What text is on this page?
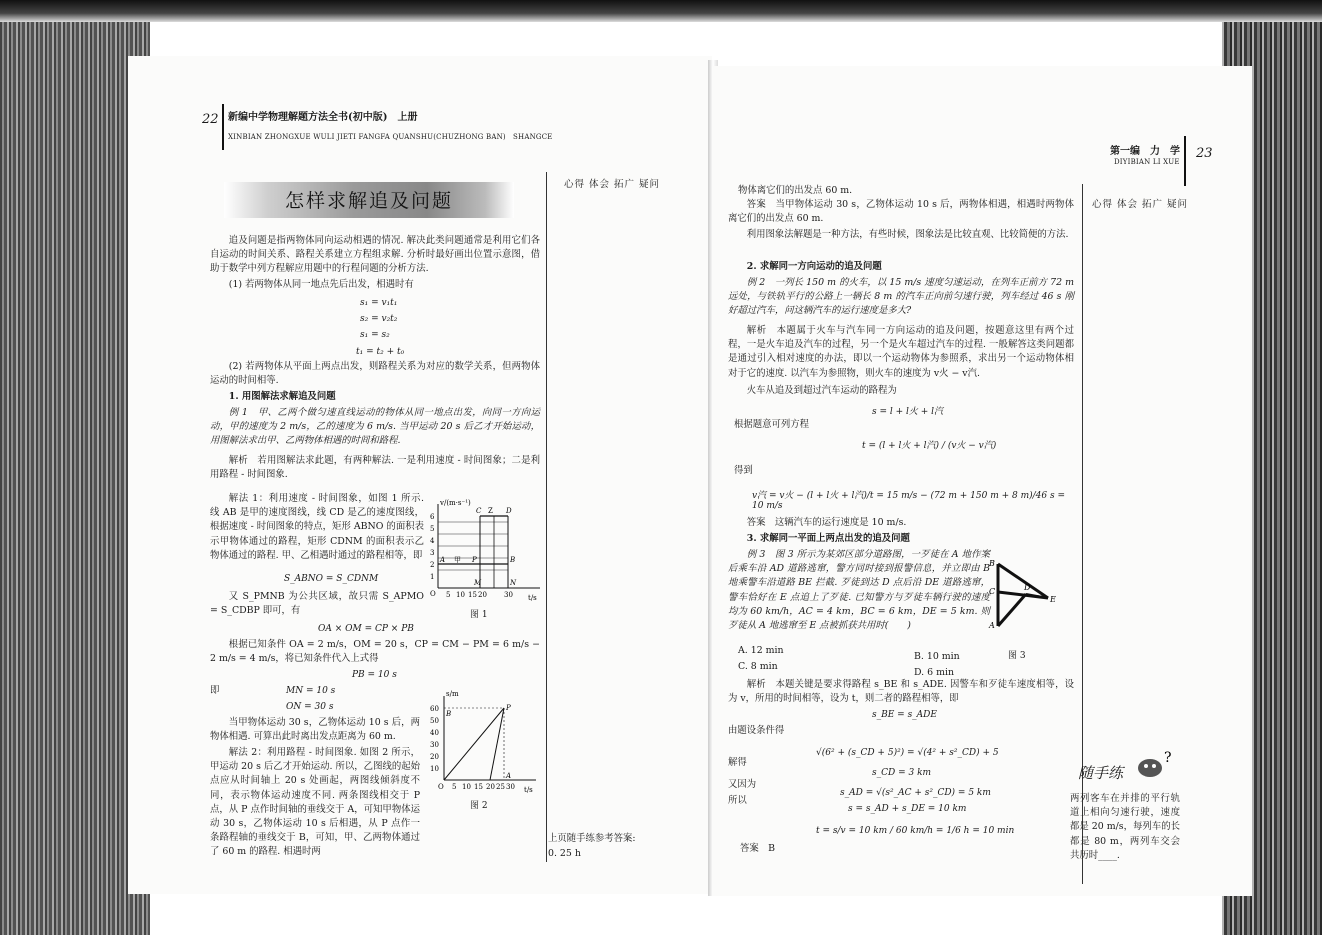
22 新编中学物理解题方法全书(初中版)　上册
XINBIAN ZHONGXUE WULI JIETI FANGFA QUANSHU(CHUZHONG BAN)　SHANGCE
心得 体会 拓广 疑问
怎样求解追及问题
追及问题是指两物体同向运动相遇的情况. 解决此类问题通常是利用它们各自运动的时间关系、路程关系建立方程组求解. 分析时最好画出位置示意图，借助于数学中列方程解应用题中的行程问题的分析方法.
(1) 若两物体从同一地点先后出发，相遇时有
s₁ = v₁t₁
s₂ = v₂t₂
s₁ = s₂
t₁ = t₂ + t₀
(2) 若两物体从平面上两点出发，则路程关系为对应的数学关系，但两物体运动的时间相等.
1. 用图解法求解追及问题
例 1　甲、乙两个做匀速直线运动的物体从同一地点出发，向同一方向运动，甲的速度为 2 m/s，乙的速度为 6 m/s. 当甲运动 20 s 后乙才开始运动，用图解法求出甲、乙两物体相遇的时间和路程.
解析　若用图解法求此题，有两种解法. 一是利用速度 - 时间图象；二是利用路程 - 时间图象.
解法 1：利用速度 - 时间图象，如图 1 所示. 线 AB 是甲的速度图线，线 CD 是乙的速度图线，根据速度 - 时间图象的特点，矩形 ABNO 的面积表示甲物体通过的路程，矩形 CDNM 的面积表示乙物体通过的路程. 甲、乙相遇时通过的路程相等，即
S_ABNO = S_CDNM
又 S_PMNB 为公共区域，故只需 S_APMO = S_CDBP 即可，有
v/(m·s⁻¹)
t/s
6
5
4
3
2
1
O 5 10 15 20 30
C Z D
A 甲	B
P
M	N
图 1
OA × OM = CP × PB
根据已知条件 OA = 2 m/s，OM = 20 s，CP = CM − PM = 6 m/s − 2 m/s = 4 m/s，将已知条件代入上式得
PB = 10 s
即	MN = 10 s
ON = 30 s
当甲物体运动 30 s，乙物体运动 10 s 后，两物体相遇. 可算出此时离出发点距离为 60 m.
解法 2：利用路程 - 时间图象. 如图 2 所示，甲运动 20 s 后乙才开始运动. 所以，乙图线的起始点应从时间轴上 20 s 处画起，两图线倾斜度不同，表示物体运动速度不同. 两条图线相交于 P 点，从 P 点作时间轴的垂线交于 A，可知甲物体运动 30 s，乙物体运动 10 s 后相遇，从 P 点作一条路程轴的垂线交于 B，可知，甲、乙两物体通过了 60 m 的路程. 相遇时两
s/m
t/s
60
50
40
30
20
10
O 5 10 15 20 25 30
B
P
A
图 2
上页随手练参考答案:
0. 25 h
第一编　力　学
DIYIBIAN LI XUE
23
心得 体会 拓广 疑问
物体离它们的出发点 60 m.
答案　当甲物体运动 30 s，乙物体运动 10 s 后，两物体相遇，相遇时两物体离它们的出发点 60 m.
利用图象法解题是一种方法，有些时候，图象法是比较直观、比较简便的方法.
2. 求解同一方向运动的追及问题
例 2　一列长 150 m 的火车，以 15 m/s 速度匀速运动，在列车正前方 72 m 远处，与铁轨平行的公路上一辆长 8 m 的汽车正向前匀速行驶，列车经过 46 s 刚好超过汽车，问这辆汽车的运行速度是多大?
解析　本题属于火车与汽车同一方向运动的追及问题，按题意这里有两个过程，一是火车追及汽车的过程，另一个是火车超过汽车的过程. 一般解答这类问题都是通过引入相对速度的办法，即以一个运动物体为参照系，求出另一个运动物体相对于它的速度. 以汽车为参照物，则火车的速度为 v火 − v汽.
火车从追及到超过汽车运动的路程为
s = l + l火 + l汽
根据题意可列方程
t = (l + l火 + l汽) / (v火 − v汽)
得到
v汽 = v火 − (l + l火 + l汽)/t = 15 m/s − (72 m + 150 m + 8 m)/46 s = 10 m/s
答案　这辆汽车的运行速度是 10 m/s.
3. 求解同一平面上两点出发的追及问题
例 3　图 3 所示为某郊区部分道路图，一歹徒在 A 地作案后乘车沿 AD 道路逃窜，警方同时接到报警信息，并立即由 B 地乘警车沿道路 BE 拦截. 歹徒到达 D 点后沿 DE 道路逃窜，警车恰好在 E 点追上了歹徒. 已知警方与歹徒车辆行驶的速度均为 60 km/h，AC = 4 km，BC = 6 km，DE = 5 km. 则歹徒从 A 地逃窜至 E 点被抓获共用时(　　)
B
C	D
E
A
A. 12 min
B. 10 min
C. 8 min
D. 6 min
图 3
解析　本题关键是要求得路程 s_BE 和 s_ADE. 因警车和歹徒车速度相等，设为 v，所用的时间相等，设为 t，则二者的路程相等，即
s_BE = s_ADE
由题设条件得
√(6² + (s_CD + 5)²) = √(4² + s²_CD) + 5
解得
s_CD = 3 km
又因为
s_AD = √(s²_AC + s²_CD) = 5 km
所以
s = s_AD + s_DE = 10 km
t = s/v = 10 km / 60 km/h = 1/6 h = 10 min
答案　B
随手练
?
两列客车在并排的平行轨道上相向匀速行驶，速度都是 20 m/s，每列车的长都是 80 m，两列车交会共历时____.
